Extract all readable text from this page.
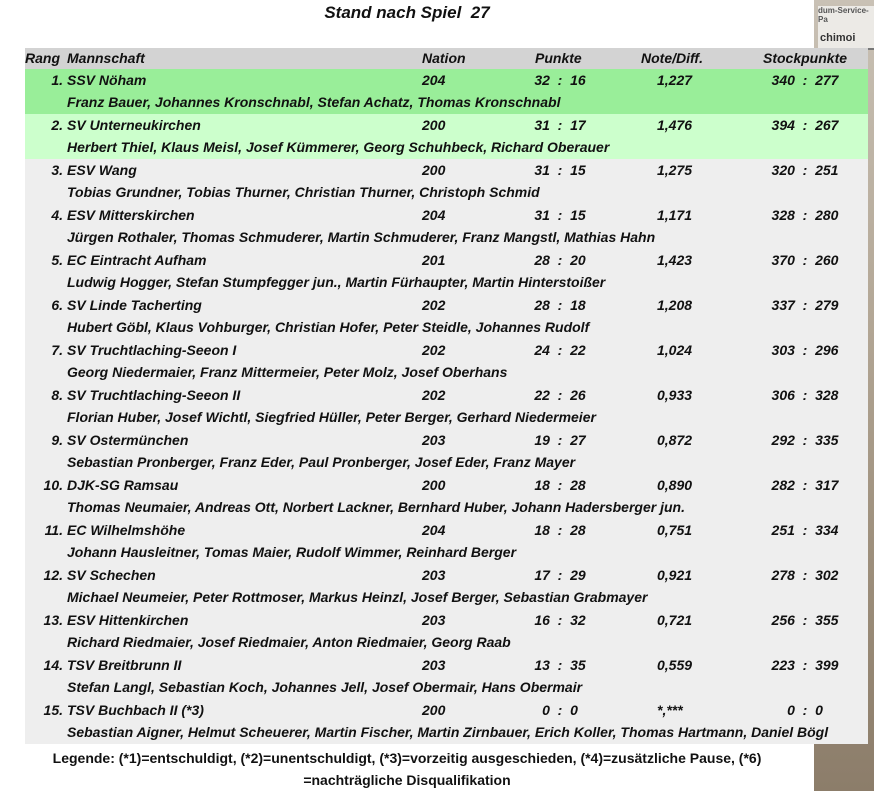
dum-Service-Pa
chimoi
Stand nach Spiel  27
Rang Mannschaft	Nation	Punkte	Note/Diff.	Stockpunkte
1. SSV Nöham	204	32  :  16	1,227	340  :  277
Franz Bauer, Johannes Kronschnabl, Stefan Achatz, Thomas Kronschnabl
2. SV Unterneukirchen	200	31  :  17	1,476	394  :  267
Herbert Thiel, Klaus Meisl, Josef Kümmerer, Georg Schuhbeck, Richard Oberauer
3. ESV Wang	200	31  :  15	1,275	320  :  251
Tobias Grundner, Tobias Thurner, Christian Thurner, Christoph Schmid
4. ESV Mitterskirchen	204	31  :  15	1,171	328  :  280
Jürgen Rothaler, Thomas Schmuderer, Martin Schmuderer, Franz Mangstl, Mathias Hahn
5. EC Eintracht Aufham	201	28  :  20	1,423	370  :  260
Ludwig Hogger, Stefan Stumpfegger jun., Martin Fürhaupter, Martin Hinterstoißer
6. SV Linde Tacherting	202	28  :  18	1,208	337  :  279
Hubert Göbl, Klaus Vohburger, Christian Hofer, Peter Steidle, Johannes Rudolf
7. SV Truchtlaching-Seeon I	202	24  :  22	1,024	303  :  296
Georg Niedermaier, Franz Mittermeier, Peter Molz, Josef Oberhans
8. SV Truchtlaching-Seeon II	202	22  :  26	0,933	306  :  328
Florian Huber, Josef Wichtl, Siegfried Hüller, Peter Berger, Gerhard Niedermeier
9. SV Ostermünchen	203	19  :  27	0,872	292  :  335
Sebastian Pronberger, Franz Eder, Paul Pronberger, Josef Eder, Franz Mayer
10. DJK-SG Ramsau	200	18  :  28	0,890	282  :  317
Thomas Neumaier, Andreas Ott, Norbert Lackner, Bernhard Huber, Johann Hadersberger jun.
11. EC Wilhelmshöhe	204	18  :  28	0,751	251  :  334
Johann Hausleitner, Tomas Maier, Rudolf Wimmer, Reinhard Berger
12. SV Schechen	203	17  :  29	0,921	278  :  302
Michael Neumeier, Peter Rottmoser, Markus Heinzl, Josef Berger, Sebastian Grabmayer
13. ESV Hittenkirchen	203	16  :  32	0,721	256  :  355
Richard Riedmaier, Josef Riedmaier, Anton Riedmaier, Georg Raab
14. TSV Breitbrunn II	203	13  :  35	0,559	223  :  399
Stefan Langl, Sebastian Koch, Johannes Jell, Josef Obermair, Hans Obermair
15. TSV Buchbach II (*3)	200	0  :  0	*,***	0  :  0
Sebastian Aigner, Helmut Scheuerer, Martin Fischer, Martin Zirnbauer, Erich Koller, Thomas Hartmann, Daniel Bögl
Legende: (*1)=entschuldigt, (*2)=unentschuldigt, (*3)=vorzeitig ausgeschieden, (*4)=zusätzliche Pause, (*6)
=nachträgliche Disqualifikation
